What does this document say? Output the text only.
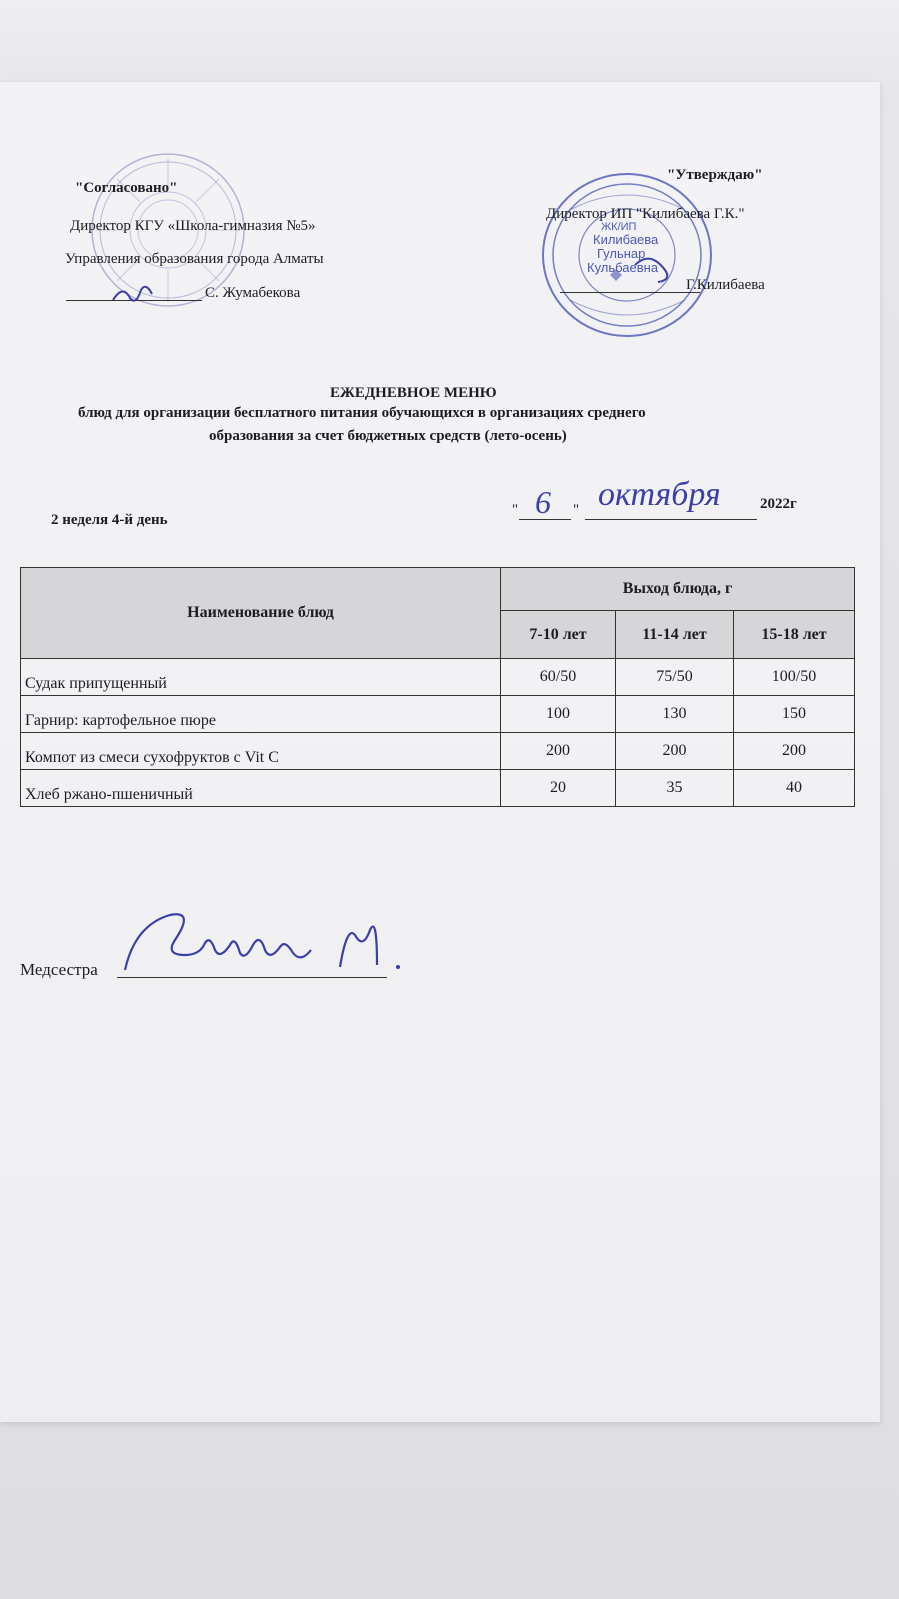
ЖК/ИП
Килибаева
Гульнар
Кульбаевна
"Согласовано"
Директор КГУ «Школа-гимназия №5»
Управления образования города Алматы
С. Жумабекова
"Утверждаю"
Директор ИП "Килибаева Г.К."
Г.Килибаева
ЕЖЕДНЕВНОЕ МЕНЮ
блюд для организации бесплатного питания обучающихся в организациях среднего
образования за счет бюджетных средств (лето-осень)
2 неделя 4-й день
" 6 " октября	2022г
Наименование блюд	Выход блюда, г		
	7-10 лет	11-14 лет	15-18 лет
Судак припущенный	60/50	75/50	100/50
Гарнир: картофельное пюре	100	130	150
Компот из смеси сухофруктов с Vit C	200	200	200
Хлеб ржано-пшеничный	20	35	40
Медсестра
